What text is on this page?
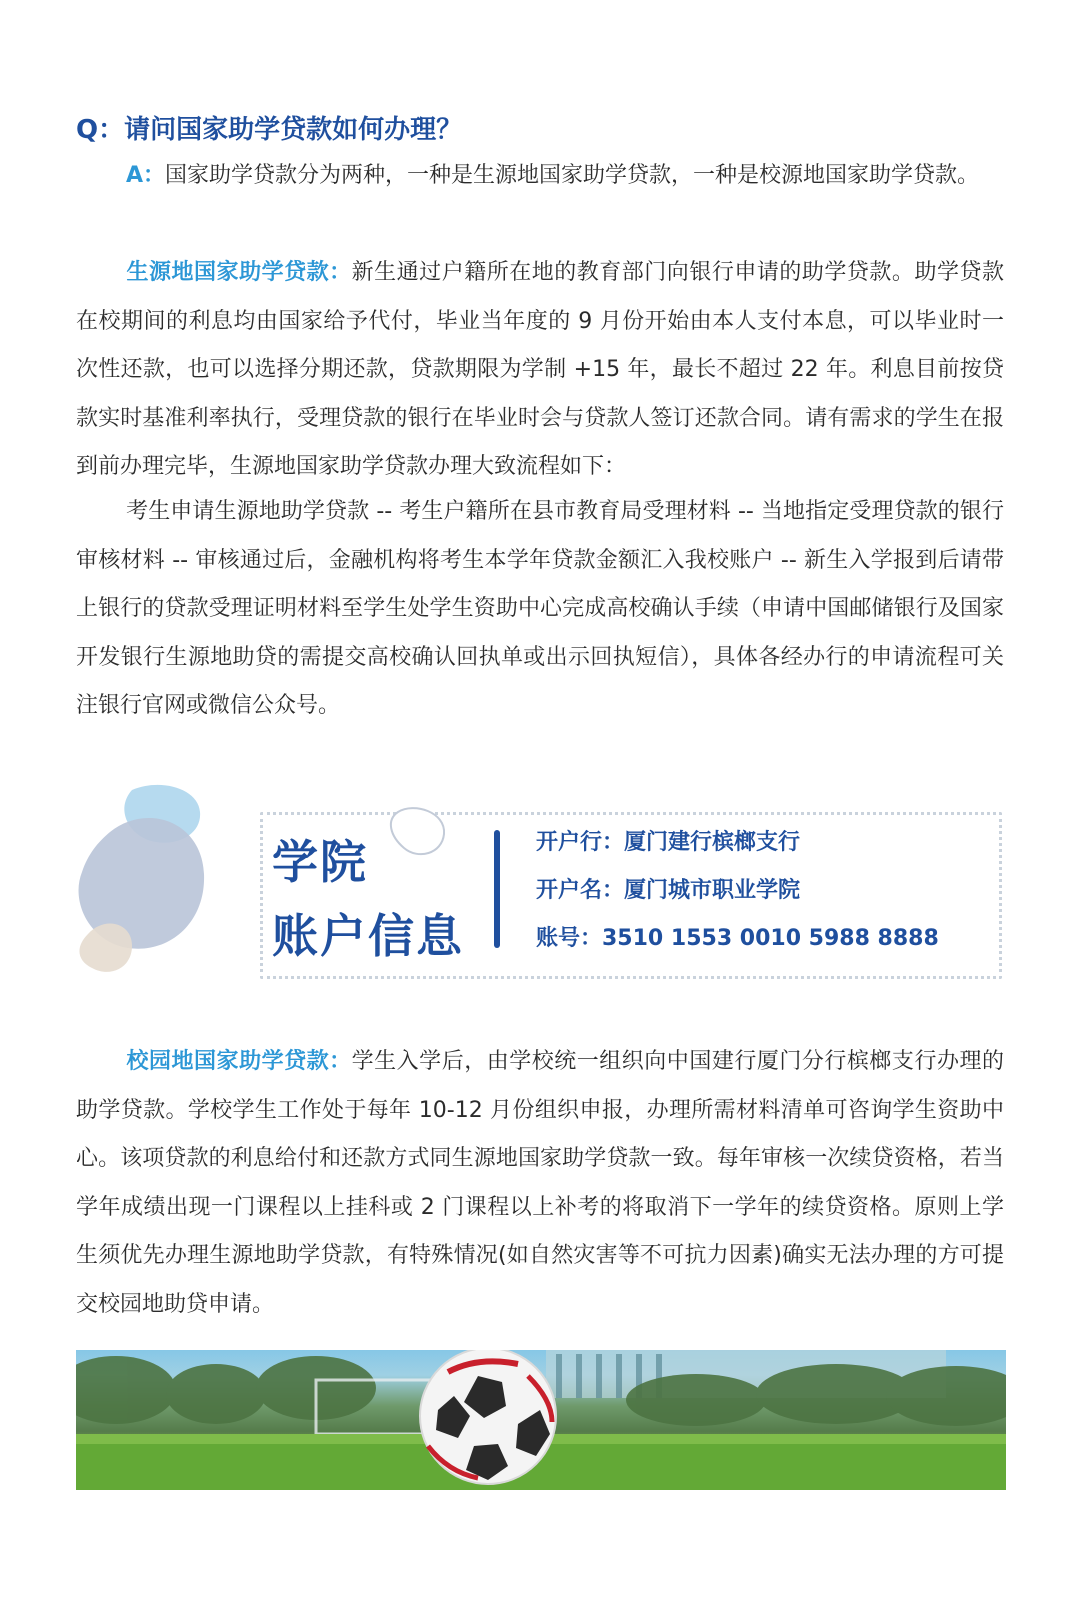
Q：请问国家助学贷款如何办理？
A：国家助学贷款分为两种，一种是生源地国家助学贷款，一种是校源地国家助学贷款。
生源地国家助学贷款：新生通过户籍所在地的教育部门向银行申请的助学贷款。助学贷款在校期间的利息均由国家给予代付，毕业当年度的 9 月份开始由本人支付本息，可以毕业时一次性还款，也可以选择分期还款，贷款期限为学制 +15 年，最长不超过 22 年。利息目前按贷款实时基准利率执行，受理贷款的银行在毕业时会与贷款人签订还款合同。请有需求的学生在报到前办理完毕，生源地国家助学贷款办理大致流程如下：
考生申请生源地助学贷款 -- 考生户籍所在县市教育局受理材料 -- 当地指定受理贷款的银行审核材料 -- 审核通过后，金融机构将考生本学年贷款金额汇入我校账户 -- 新生入学报到后请带上银行的贷款受理证明材料至学生处学生资助中心完成高校确认手续（申请中国邮储银行及国家开发银行生源地助贷的需提交高校确认回执单或出示回执短信），具体各经办行的申请流程可关注银行官网或微信公众号。
学院
账户信息
开户行：厦门建行槟榔支行
开户名：厦门城市职业学院
账号：3510 1553 0010 5988 8888
校园地国家助学贷款：学生入学后，由学校统一组织向中国建行厦门分行槟榔支行办理的助学贷款。学校学生工作处于每年 10-12 月份组织申报，办理所需材料清单可咨询学生资助中心。该项贷款的利息给付和还款方式同生源地国家助学贷款一致。每年审核一次续贷资格，若当学年成绩出现一门课程以上挂科或 2 门课程以上补考的将取消下一学年的续贷资格。原则上学生须优先办理生源地助学贷款，有特殊情况(如自然灾害等不可抗力因素)确实无法办理的方可提交校园地助贷申请。
